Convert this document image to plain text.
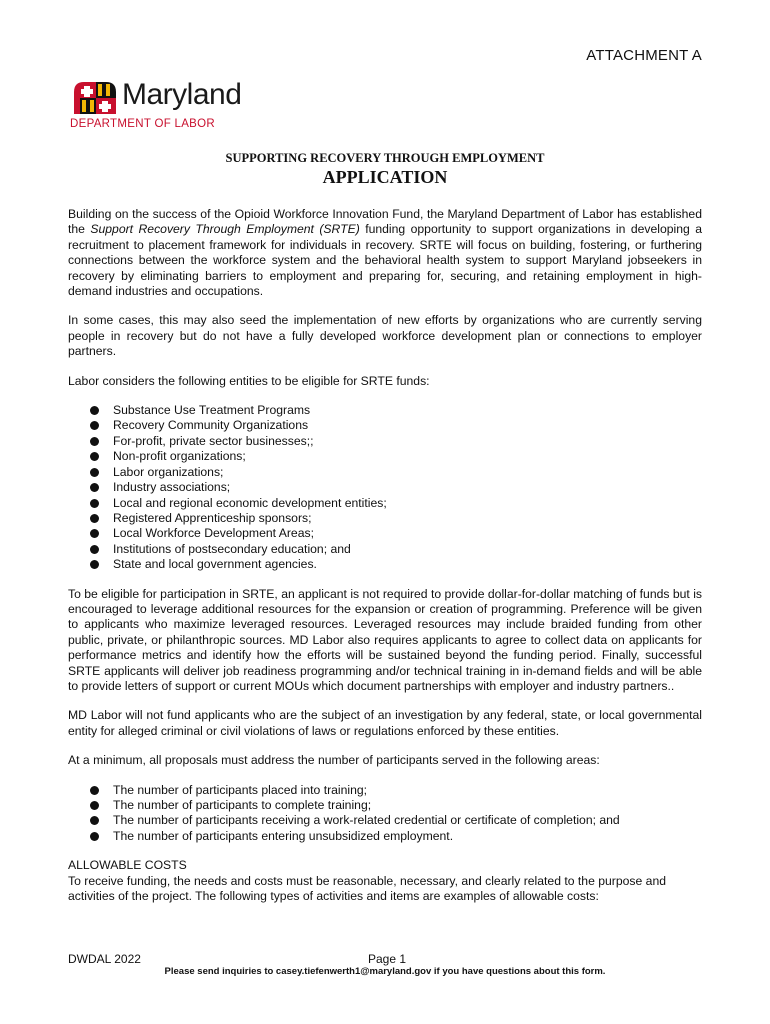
ATTACHMENT A
Maryland
DEPARTMENT OF LABOR
SUPPORTING RECOVERY THROUGH EMPLOYMENT
APPLICATION

Building on the success of the Opioid Workforce Innovation Fund, the Maryland Department of Labor has established the Support Recovery Through Employment (SRTE) funding opportunity to support organizations in developing a recruitment to placement framework for individuals in recovery. SRTE will focus on building, fostering, or furthering connections between the workforce system and the behavioral health system to support Maryland jobseekers in recovery by eliminating barriers to employment and preparing for, securing, and retaining employment in high-demand industries and occupations.

In some cases, this may also seed the implementation of new efforts by organizations who are currently serving people in recovery but do not have a fully developed workforce development plan or connections to employer partners.

Labor considers the following entities to be eligible for SRTE funds:

Substance Use Treatment Programs
Recovery Community Organizations
For-profit, private sector businesses;;
Non-profit organizations;
Labor organizations;
Industry associations;
Local and regional economic development entities;
Registered Apprenticeship sponsors;
Local Workforce Development Areas;
Institutions of postsecondary education; and
State and local government agencies.

To be eligible for participation in SRTE, an applicant is not required to provide dollar-for-dollar matching of funds but is encouraged to leverage additional resources for the expansion or creation of programming. Preference will be given to applicants who maximize leveraged resources. Leveraged resources may include braided funding from other public, private, or philanthropic sources. MD Labor also requires applicants to agree to collect data on applicants for performance metrics and identify how the efforts will be sustained beyond the funding period. Finally, successful SRTE applicants will deliver job readiness programming and/or technical training in in-demand fields and will be able to provide letters of support or current MOUs which document partnerships with employer and industry partners..

MD Labor will not fund applicants who are the subject of an investigation by any federal, state, or local governmental entity for alleged criminal or civil violations of laws or regulations enforced by these entities.

At a minimum, all proposals must address the number of participants served in the following areas:

The number of participants placed into training;
The number of participants to complete training;
The number of participants receiving a work-related credential or certificate of completion; and
The number of participants entering unsubsidized employment.
ALLOWABLE COSTS

To receive funding, the needs and costs must be reasonable, necessary, and clearly related to the purpose and activities of the project. The following types of activities and items are examples of allowable costs:

DWDAL 2022	Page 1
Please send inquiries to casey.tiefenwerth1@maryland.gov if you have questions about this form.
